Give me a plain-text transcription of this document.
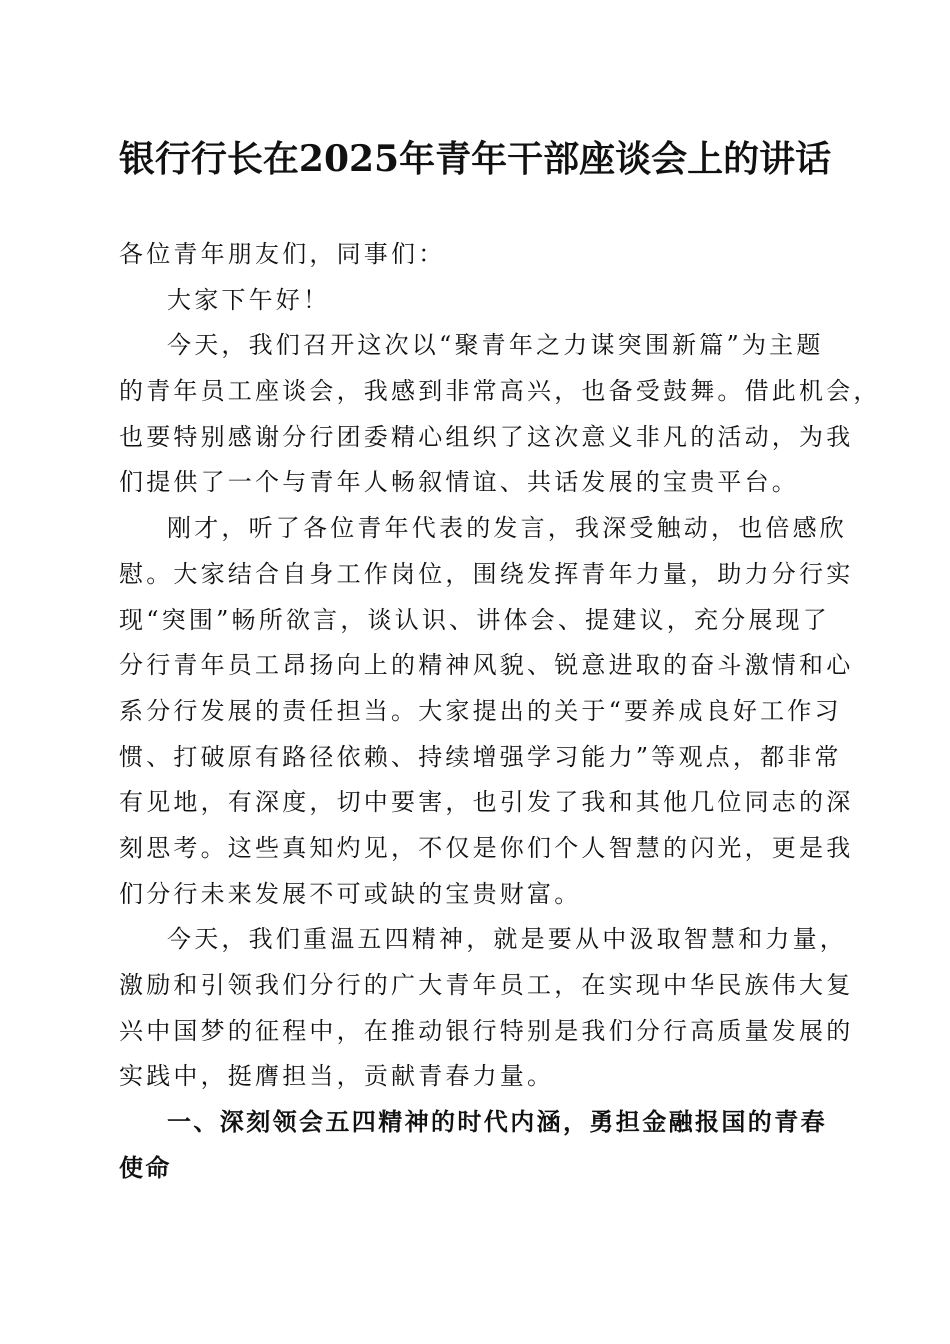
银行行长在2025年青年干部座谈会上的讲话
各位青年朋友们，同事们：
大家下午好！
今天，我们召开这次以“聚青年之力谋突围新篇”为主题
的青年员工座谈会，我感到非常高兴，也备受鼓舞。借此机会，
也要特别感谢分行团委精心组织了这次意义非凡的活动，为我
们提供了一个与青年人畅叙情谊、共话发展的宝贵平台。
刚才，听了各位青年代表的发言，我深受触动，也倍感欣
慰。大家结合自身工作岗位，围绕发挥青年力量，助力分行实
现“突围”畅所欲言，谈认识、讲体会、提建议，充分展现了
分行青年员工昂扬向上的精神风貌、锐意进取的奋斗激情和心
系分行发展的责任担当。大家提出的关于“要养成良好工作习
惯、打破原有路径依赖、持续增强学习能力”等观点，都非常
有见地，有深度，切中要害，也引发了我和其他几位同志的深
刻思考。这些真知灼见，不仅是你们个人智慧的闪光，更是我
们分行未来发展不可或缺的宝贵财富。
今天，我们重温五四精神，就是要从中汲取智慧和力量，
激励和引领我们分行的广大青年员工，在实现中华民族伟大复
兴中国梦的征程中，在推动银行特别是我们分行高质量发展的
实践中，挺膺担当，贡献青春力量。
一、深刻领会五四精神的时代内涵，勇担金融报国的青春
使命
